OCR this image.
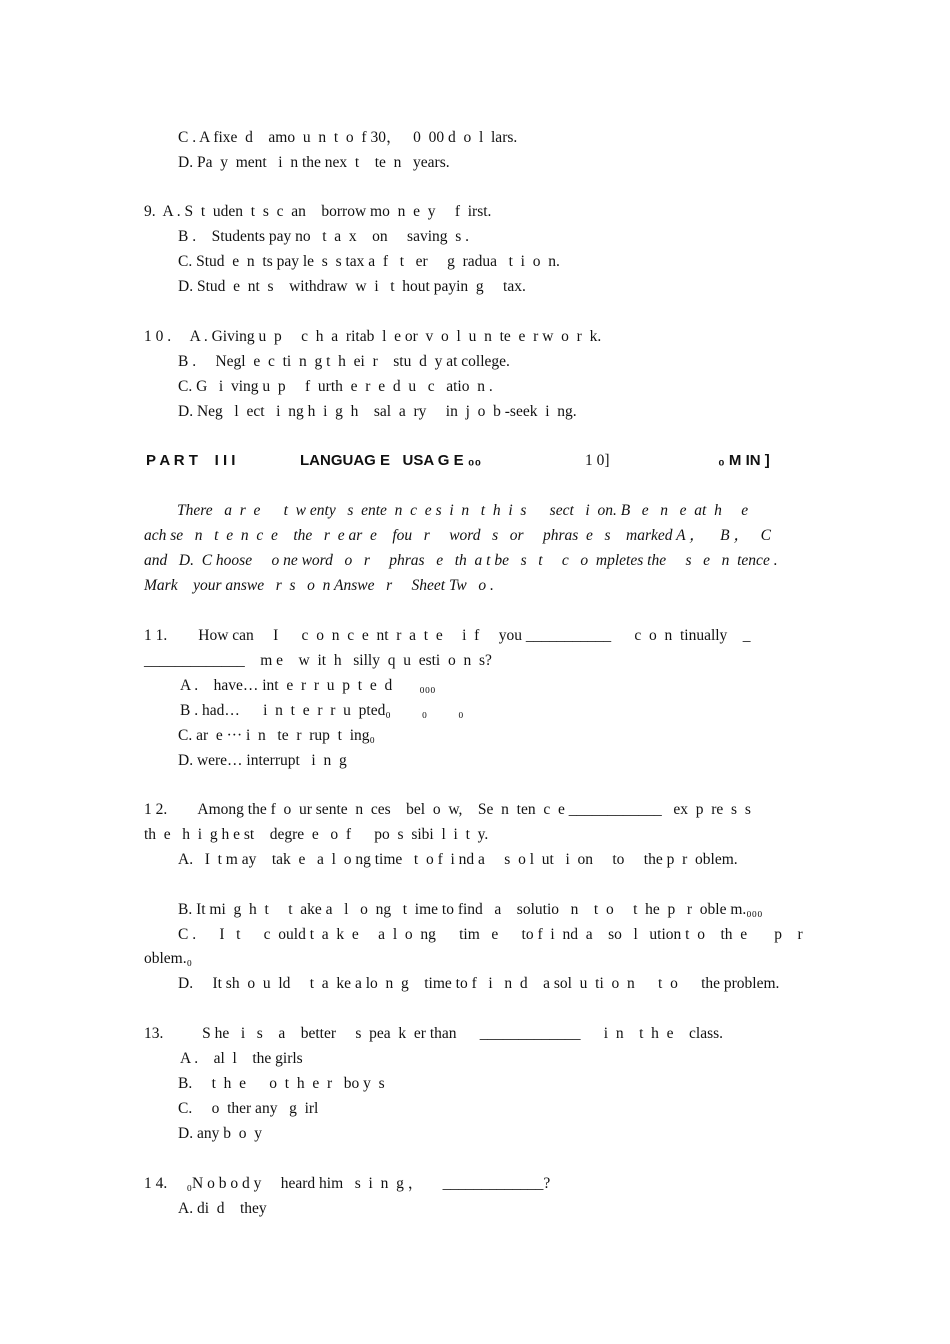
C . A fixe  d    amo  u  n  t  o  f 30，   0  00 d  o  l  lars.
D. Pa  y  ment   i  n the nex  t    te  n   years.
9.  A . S  t  uden  t  s  c  an    borrow mo  n  e  y     f  irst.
B .    Students pay no   t  a  x    on     saving  s .
C. Stud  e  n  ts pay le  s  s tax a  f   t   er     g  radua   t  i  o  n.
D. Stud  e  nt  s    withdraw  w  i   t  hout payin  g     tax.
1 0 .     A . Giving u  p     c  h  a  ritab  l  e or  v  o  l  u  n  te  e  r w  o  r  k.
B .     Negl  e  c  ti  n  g t  h  ei  r    stu  d  y at college.
C. G   i  ving u  p     f  urth  e  r  e  d  u   c   atio  n .
D. Neg   l  ect   i  ng h  i  g  h    sal  a  ry     in  j  o  b -seek  i  ng.
P A R T    I I I	LANGUAG E   USA G E ₀₀	1 0]	₀ M IN ]
There   a  r  e      t  w enty   s  ente  n  c  e s  i  n   t  h  i  s      sect   i  on. B   e   n   e  at  h     e
ach se   n   t  e  n  c  e    the   r  e ar  e    fou   r     word   s   or     phras  e   s    marked A ，    B ，   C
and   D.  C hoose     o ne word   o   r     phras   e   th  a t be   s   t     c   o  mpletes the     s   e   n  tence .
Mark    your answe   r  s   o  n Answe   r     Sheet Tw   o .
1 1.        How can     I      c  o  n  c  e  nt  r  a  t  e     i  f     you ___________      c  o  n  tinually    _
_____________    m e    w  it  h   silly  q  u  esti  o  n  s?
A .    have… int  e  r  r  u  p  t  e  d       ₀₀₀
B . had…      i  n  t  e  r  r  u  pted₀        ₀        ₀
C. ar  e ··· i  n   te  r  rup  t  ing₀
D. were… interrupt   i  n  g
1 2.        Among the f  o  ur sente  n  ces    bel  o  w,    Se  n  ten  c  e ____________   ex  p  re  s  s
th  e   h  i  g h e st    degre  e   o  f      po  s  sibi  l  i  t  y.
A.   I  t m ay    tak  e   a  l  o ng time   t  o f  i nd a     s  o l  ut   i  on     to     the p  r  oblem.
B. It mi  g  h  t     t  ake a   l   o  ng   t  ime to find   a    solutio   n    t  o     t  he  p   r  oble m.₀₀₀
C .      I   t      c  ould t  a  k  e     a  l  o  ng      tim   e      to f  i  nd  a    so   l   ution t  o    th  e       p    r
oblem.₀
D.     It sh  o  u  ld     t  a  ke a lo  n  g    time to f   i   n  d    a sol  u  ti  o  n      t  o      the problem.
13.          S he   i   s    a    better     s  pea  k  er than      _____________      i  n    t  h  e    class.
A .    al  l    the girls
B.     t  h  e      o  t  h  e  r   bo y  s
C.     o  ther any   g  irl
D. any b  o  y
1 4.     ₀N o b o d y     heard him   s  i  n  g ，     _____________?
A. di  d    they
